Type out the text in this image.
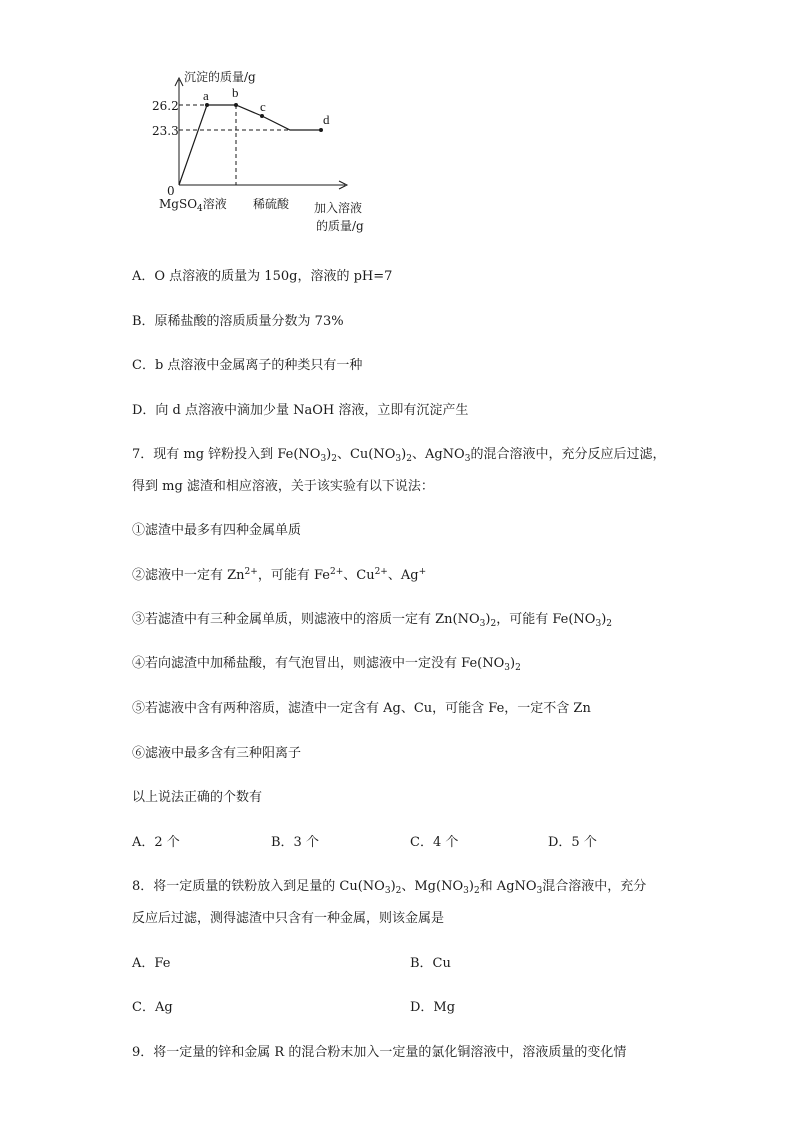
沉淀的质量/g
26.2
23.3
0
a b
c
d
MgSO$_4$溶液 稀硫酸 加入溶液
的质量/g
A．O 点溶液的质量为 150g，溶液的 pH=7
B．原稀盐酸的溶质质量分数为 73%
C．b 点溶液中金属离子的种类只有一种
D．向 d 点溶液中滴加少量 NaOH 溶液，立即有沉淀产生
7．现有 mg 锌粉投入到 $Fe(NO_3)_2$、$Cu(NO_3)_2$、AgNO$_3$的混合溶液中，充分反应后过滤，
得到 mg 滤渣和相应溶液，关于该实验有以下说法：
①滤渣中最多有四种金属单质
②滤液中一定有 $Zn^{2+}$，可能有 $Fe^{2+}$、$Cu^{2+}$、Ag+
③若滤渣中有三种金属单质，则滤液中的溶质一定有 $Zn(NO_3)_2$，可能有 $Fe(NO_3)_2$
④若向滤渣中加稀盐酸，有气泡冒出，则滤液中一定没有 $Fe(NO_3)_2$
⑤若滤液中含有两种溶质，滤渣中一定含有 Ag、Cu，可能含 Fe，一定不含 Zn
⑥滤液中最多含有三种阳离子
以上说法正确的个数有
A．2 个	B．3 个	C．4 个	D．5 个
8．将一定质量的铁粉放入到足量的 $Cu(NO_3)_2$、$Mg(NO_3)_2$和 AgNO$_3$混合溶液中，充分
反应后过滤，测得滤渣中只含有一种金属，则该金属是
A．Fe	B．Cu
C．Ag	D．Mg
9．将一定量的锌和金属 R 的混合粉末加入一定量的氯化铜溶液中，溶液质量的变化情
